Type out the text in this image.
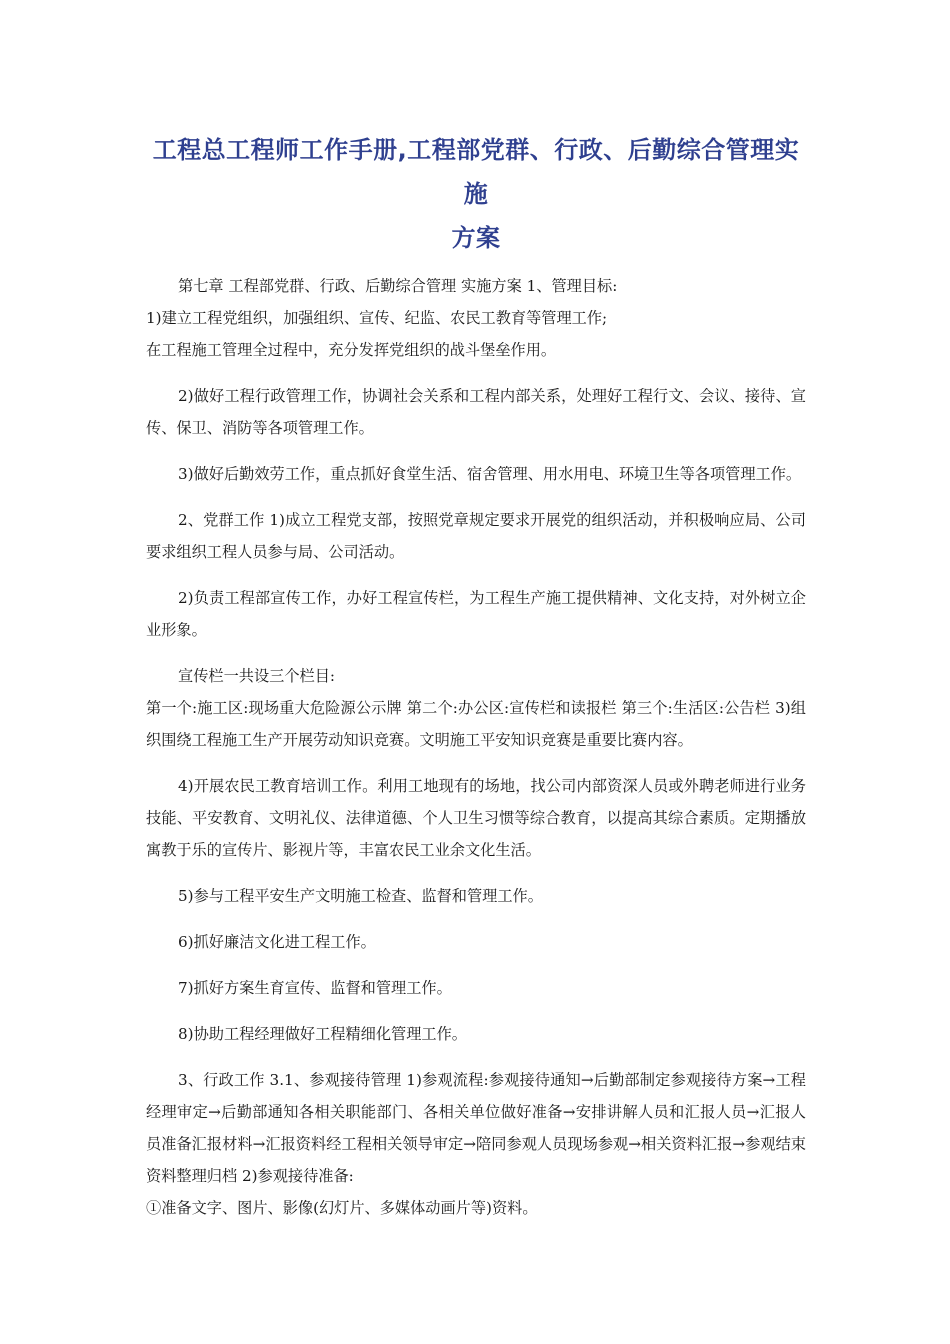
工程总工程师工作手册,工程部党群、行政、后勤综合管理实施
方案

第七章 工程部党群、行政、后勤综合管理 实施方案 1、管理目标:

1)建立工程党组织，加强组织、宣传、纪监、农民工教育等管理工作;

在工程施工管理全过程中，充分发挥党组织的战斗堡垒作用。

2)做好工程行政管理工作，协调社会关系和工程内部关系，处理好工程行文、会议、接待、宣传、保卫、消防等各项管理工作。

3)做好后勤效劳工作，重点抓好食堂生活、宿舍管理、用水用电、环境卫生等各项管理工作。

2、党群工作 1)成立工程党支部，按照党章规定要求开展党的组织活动，并积极响应局、公司要求组织工程人员参与局、公司活动。

2)负责工程部宣传工作，办好工程宣传栏，为工程生产施工提供精神、文化支持，对外树立企业形象。

宣传栏一共设三个栏目:

第一个:施工区:现场重大危险源公示牌 第二个:办公区:宣传栏和读报栏 第三个:生活区:公告栏 3)组织围绕工程施工生产开展劳动知识竞赛。文明施工平安知识竞赛是重要比赛内容。

4)开展农民工教育培训工作。利用工地现有的场地，找公司内部资深人员或外聘老师进行业务技能、平安教育、文明礼仪、法律道德、个人卫生习惯等综合教育，以提高其综合素质。定期播放寓教于乐的宣传片、影视片等，丰富农民工业余文化生活。

5)参与工程平安生产文明施工检查、监督和管理工作。

6)抓好廉洁文化进工程工作。

7)抓好方案生育宣传、监督和管理工作。

8)协助工程经理做好工程精细化管理工作。

3、行政工作 3.1、参观接待管理 1)参观流程:参观接待通知→后勤部制定参观接待方案→工程经理审定→后勤部通知各相关职能部门、各相关单位做好准备→安排讲解人员和汇报人员→汇报人员准备汇报材料→汇报资料经工程相关领导审定→陪同参观人员现场参观→相关资料汇报→参观结束资料整理归档 2)参观接待准备:

①准备文字、图片、影像(幻灯片、多媒体动画片等)资料。
